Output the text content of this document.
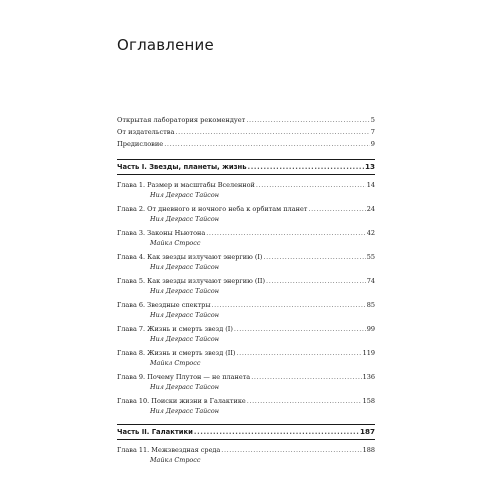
Оглавление
Открытая лаборатория рекомендует .....	5
От издательства .....	7
Предисловие .....	9
Часть I. Звезды, планеты, жизнь .....	13
Глава 1. Размер и масштабы Вселенной .....	14
Нил Деграсс Тайсон
Глава 2. От дневного и ночного неба к орбитам планет .....	24
Нил Деграсс Тайсон
Глава 3. Законы Ньютона .....	42
Майкл Стросс
Глава 4. Как звезды излучают энергию (I) .....	55
Нил Деграсс Тайсон
Глава 5. Как звезды излучают энергию (II) .....	74
Нил Деграсс Тайсон
Глава 6. Звездные спектры .....	85
Нил Деграсс Тайсон
Глава 7. Жизнь и смерть звезд (I) .....	99
Нил Деграсс Тайсон
Глава 8. Жизнь и смерть звезд (II) .....	119
Майкл Стросс
Глава 9. Почему Плутон — не планета .....	136
Нил Деграсс Тайсон
Глава 10. Поиски жизни в Галактике .....	158
Нил Деграсс Тайсон
Часть II. Галактики .....	187
Глава 11. Межзвездная среда .....	188
Майкл Стросс
